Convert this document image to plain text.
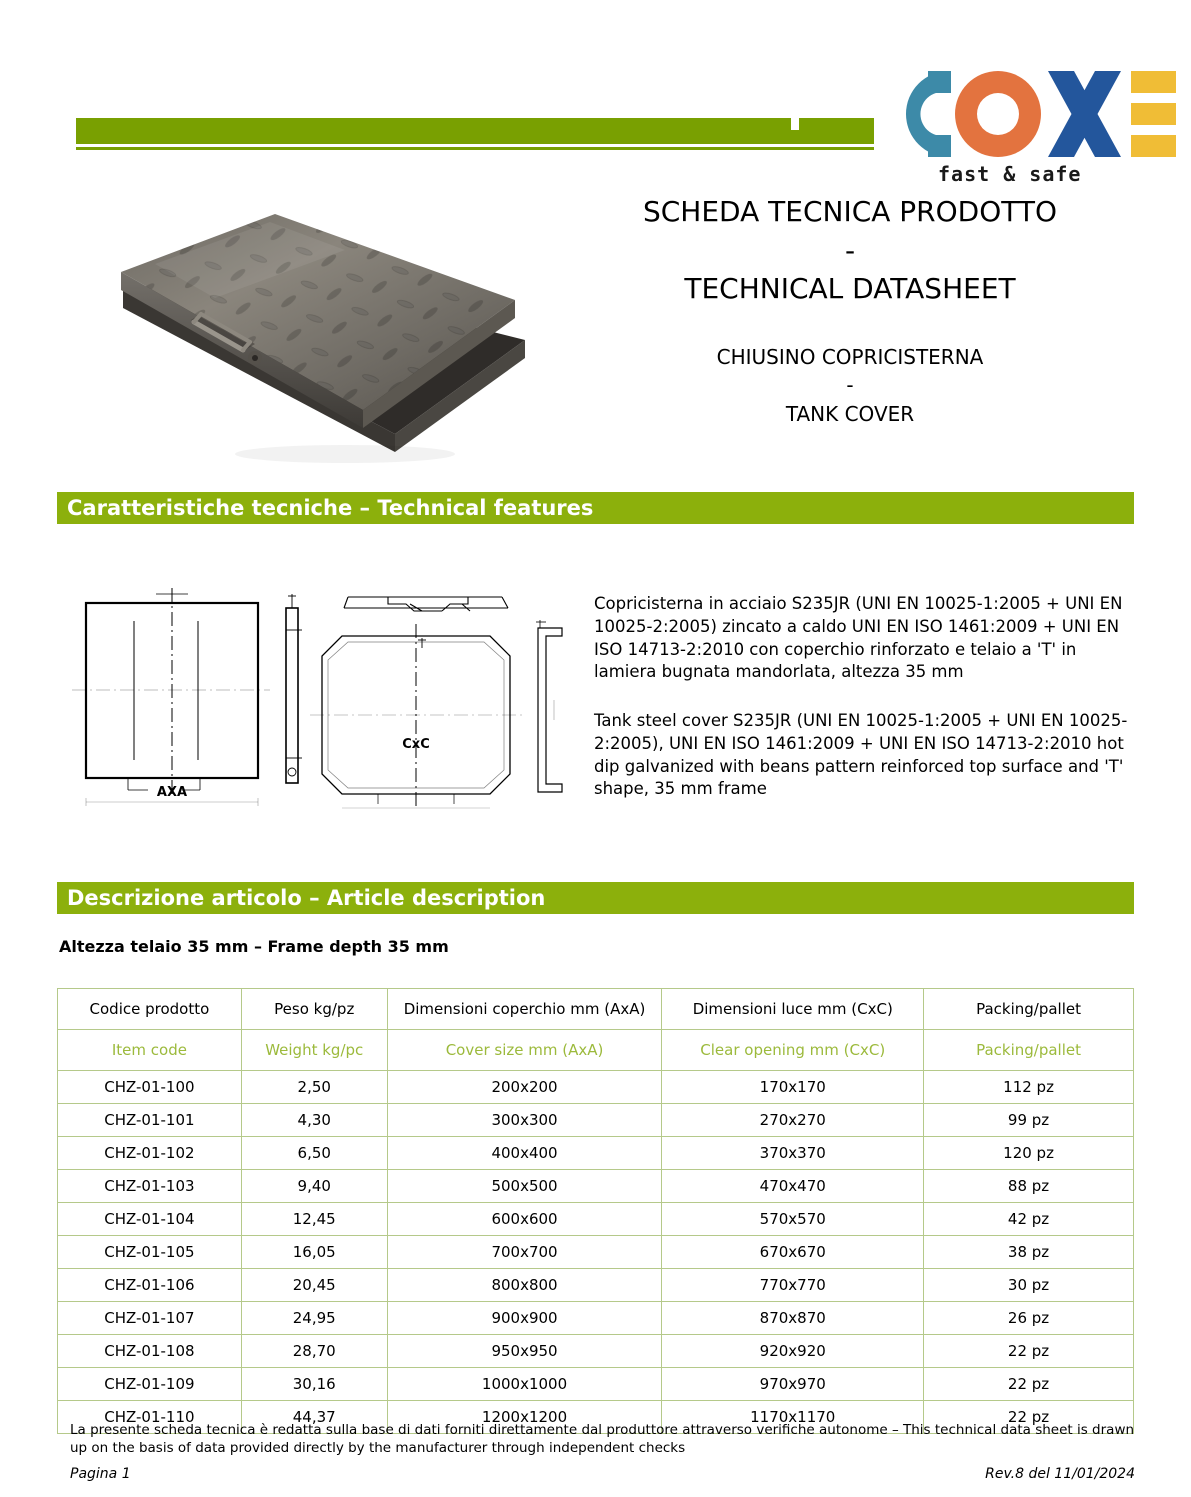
fast & safe
SCHEDA TECNICA PRODOTTO
-
TECHNICAL DATASHEET
CHIUSINO COPRICISTERNA
-
TANK COVER
Caratteristiche tecniche – Technical features
AXA
CxC

Copricisterna in acciaio S235JR (UNI EN 10025-1:2005 + UNI EN 10025-2:2005) zincato a caldo UNI EN ISO 1461:2009 + UNI EN ISO 14713-2:2010 con coperchio rinforzato e telaio a 'T' in lamiera bugnata mandorlata, altezza 35 mm

Tank steel cover S235JR (UNI EN 10025-1:2005 + UNI EN 10025-2:2005), UNI EN ISO 1461:2009 + UNI EN ISO 14713-2:2010 hot dip galvanized with beans pattern reinforced top surface and 'T' shape, 35 mm frame

Descrizione articolo – Article description
Altezza telaio 35 mm – Frame depth 35 mm
Codice prodotto	Peso kg/pz	Dimensioni coperchio mm (AxA)	Dimensioni luce mm (CxC)	Packing/pallet
Item code	Weight kg/pc	Cover size mm (AxA)	Clear opening mm (CxC)	Packing/pallet
CHZ-01-100	2,50	200x200	170x170	112 pz
CHZ-01-101	4,30	300x300	270x270	99 pz
CHZ-01-102	6,50	400x400	370x370	120 pz
CHZ-01-103	9,40	500x500	470x470	88 pz
CHZ-01-104	12,45	600x600	570x570	42 pz
CHZ-01-105	16,05	700x700	670x670	38 pz
CHZ-01-106	20,45	800x800	770x770	30 pz
CHZ-01-107	24,95	900x900	870x870	26 pz
CHZ-01-108	28,70	950x950	920x920	22 pz
CHZ-01-109	30,16	1000x1000	970x970	22 pz
CHZ-01-110	44,37	1200x1200	1170x1170	22 pz
La presente scheda tecnica è redatta sulla base di dati forniti direttamente dal produttore attraverso verifiche autonome – This technical data sheet is drawn up on the basis of data provided directly by the manufacturer through independent checks
Pagina 1	Rev.8 del 11/01/2024
